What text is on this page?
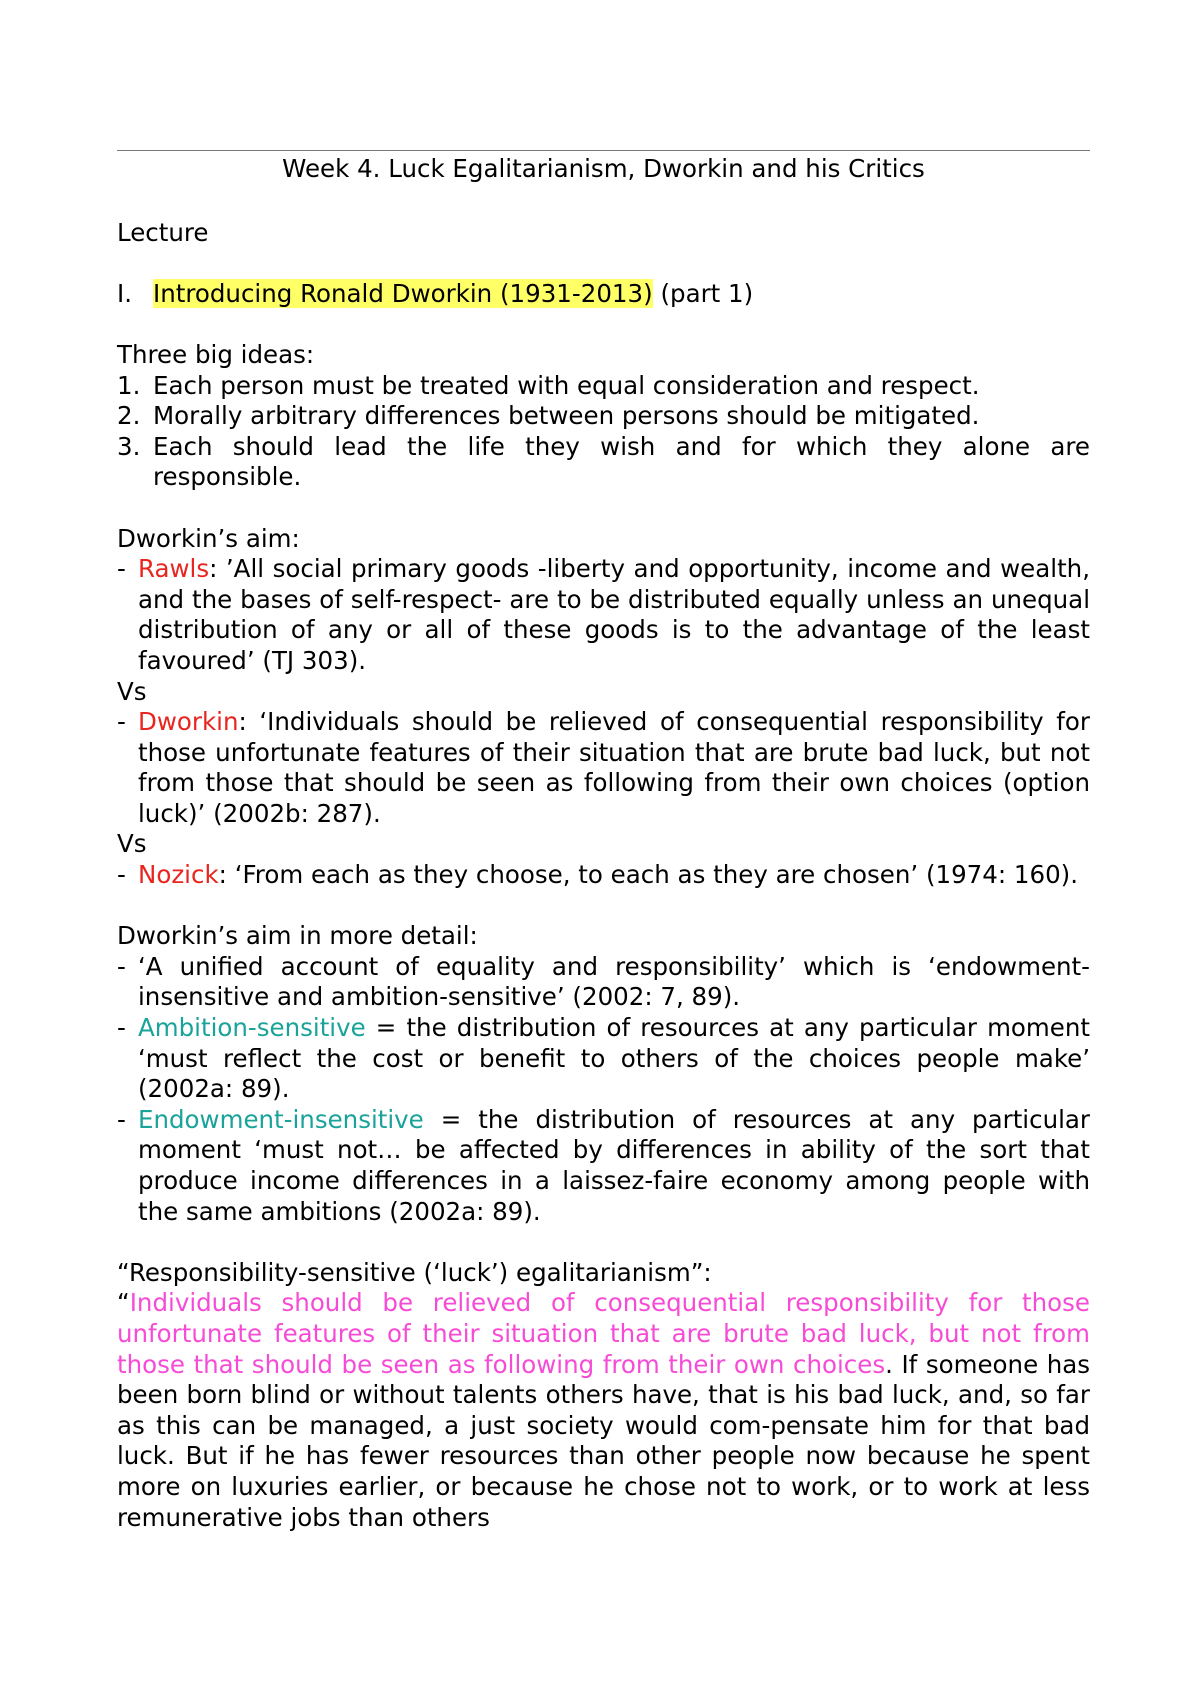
Week 4. Luck Egalitarianism, Dworkin and his Critics

Lecture

I. Introducing Ronald Dworkin (1931-2013) (part 1)

Three big ideas:

1. Each person must be treated with equal consideration and respect.
2. Morally arbitrary differences between persons should be mitigated.
3. Each should lead the life they wish and for which they alone are responsible.

Dworkin’s aim:

- Rawls: ’All social primary goods -liberty and opportunity, income and wealth, and the bases of self-respect- are to be distributed equally unless an unequal distribution of any or all of these goods is to the advantage of the least favoured’ (TJ 303).

Vs

- Dworkin: ‘Individuals should be relieved of consequential responsibility for those unfortunate features of their situation that are brute bad luck, but not from those that should be seen as following from their own choices (option luck)’ (2002b: 287).

Vs

- Nozick: ‘From each as they choose, to each as they are chosen’ (1974: 160).

Dworkin’s aim in more detail:

- ‘A unified account of equality and responsibility’ which is ‘endowment-insensitive and ambition-sensitive’ (2002: 7, 89).
- Ambition-sensitive = the distribution of resources at any particular moment ‘must reflect the cost or benefit to others of the choices people make’ (2002a: 89).
- Endowment-insensitive = the distribution of resources at any particular moment ‘must not… be affected by differences in ability of the sort that produce income differences in a laissez-faire economy among people with the same ambitions (2002a: 89).

“Responsibility-sensitive (‘luck’) egalitarianism”:

“Individuals should be relieved of consequential responsibility for those unfortunate features of their situation that are brute bad luck, but not from those that should be seen as following from their own choices. If someone has been born blind or without talents others have, that is his bad luck, and, so far as this can be managed, a just society would com-pensate him for that bad luck. But if he has fewer resources than other people now because he spent more on luxuries earlier, or because he chose not to work, or to work at less remunerative jobs than others
